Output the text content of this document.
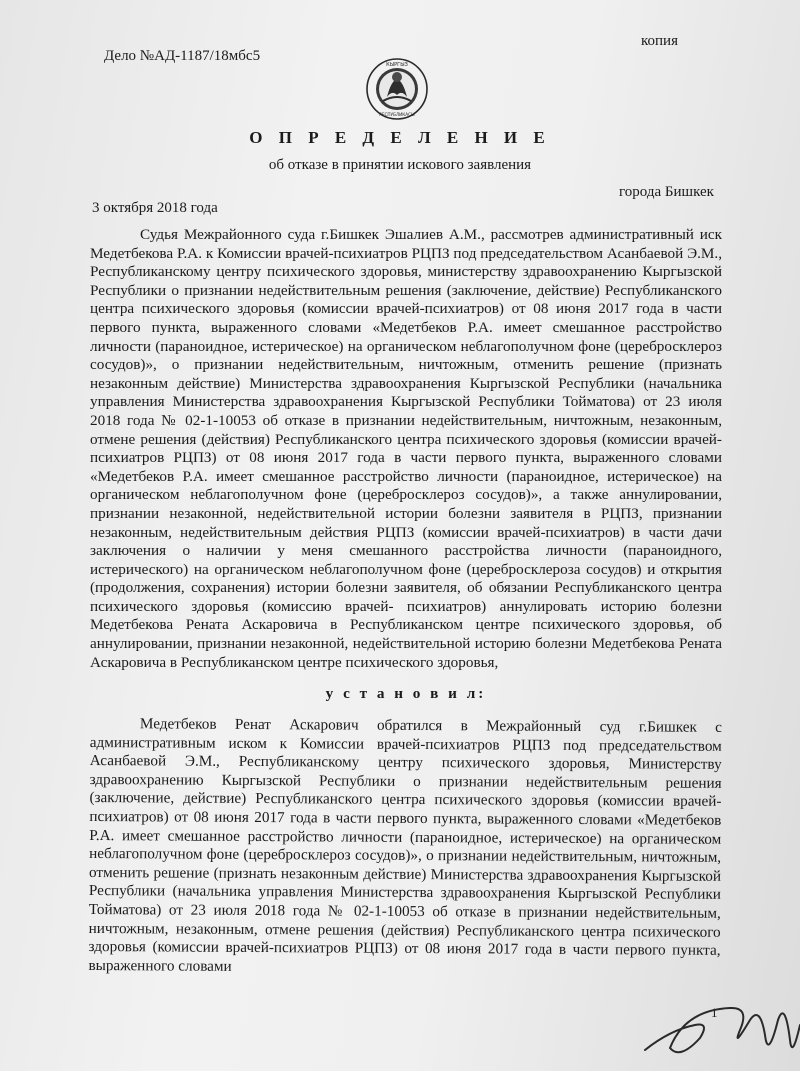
Дело №АД-1187/18мбс5
копия
КЫРГЫЗ
РЕСПУБЛИКАСЫ
О П Р Е Д Е Л Е Н И Е
об отказе в принятии искового заявления
города Бишкек
3 октября 2018 года

Судья Межрайонного суда г.Бишкек Эшалиев А.М., рассмотрев административный иск Медетбекова Р.А. к Комиссии врачей-психиатров РЦПЗ под председательством Асанбаевой Э.М., Республиканскому центру психического здоровья, министерству здравоохранению Кыргызской Республики о признании недействительным решения (заключение, действие) Республиканского центра психического здоровья (комиссии врачей-психиатров) от 08 июня 2017 года в части первого пункта, выраженного словами «Медетбеков Р.А. имеет смешанное расстройство личности (параноидное, истерическое) на органическом неблагополучном фоне (церебросклероз сосудов)», о признании недействительным, ничтожным, отменить решение (признать незаконным действие) Министерства здравоохранения Кыргызской Республики (начальника управления Министерства здравоохранения Кыргызской Республики Тойматова) от 23 июля 2018 года № 02-1-10053 об отказе в признании недействительным, ничтожным, незаконным, отмене решения (действия) Республиканского центра психического здоровья (комиссии врачей-психиатров РЦПЗ) от 08 июня 2017 года в части первого пункта, выраженного словами «Медетбеков Р.А. имеет смешанное расстройство личности (параноидное, истерическое) на органическом неблагополучном фоне (церебросклероз сосудов)», а также аннулировании, признании незаконной, недействительной истории болезни заявителя в РЦПЗ, признании незаконным, недействительным действия РЦПЗ (комиссии врачей-психиатров) в части дачи заключения о наличии у меня смешанного расстройства личности (параноидного, истерического) на органическом неблагополучном фоне (церебросклероза сосудов) и открытия (продолжения, сохранения) истории болезни заявителя, об обязании Республиканского центра психического здоровья (комиссию врачей- психиатров) аннулировать историю болезни Медетбекова Рената Аскаровича в Республиканском центре психического здоровья, об аннулировании, признании незаконной, недействительной историю болезни Медетбекова Рената Аскаровича в Республиканском центре психического здоровья,

у с т а н о в и л:

Медетбеков Ренат Аскарович обратился в Межрайонный суд г.Бишкек с административным иском к Комиссии врачей-психиатров РЦПЗ под председательством Асанбаевой Э.М., Республиканскому центру психического здоровья, Министерству здравоохранению Кыргызской Республики о признании недействительным решения (заключение, действие) Республиканского центра психического здоровья (комиссии врачей-психиатров) от 08 июня 2017 года в части первого пункта, выраженного словами «Медетбеков Р.А. имеет смешанное расстройство личности (параноидное, истерическое) на органическом неблагополучном фоне (церебросклероз сосудов)», о признании недействительным, ничтожным, отменить решение (признать незаконным действие) Министерства здравоохранения Кыргызской Республики (начальника управления Министерства здравоохранения Кыргызской Республики Тойматова) от 23 июля 2018 года № 02-1-10053 об отказе в признании недействительным, ничтожным, незаконным, отмене решения (действия) Республиканского центра психического здоровья (комиссии врачей-психиатров РЦПЗ) от 08 июня 2017 года в части первого пункта, выраженного словами

1
